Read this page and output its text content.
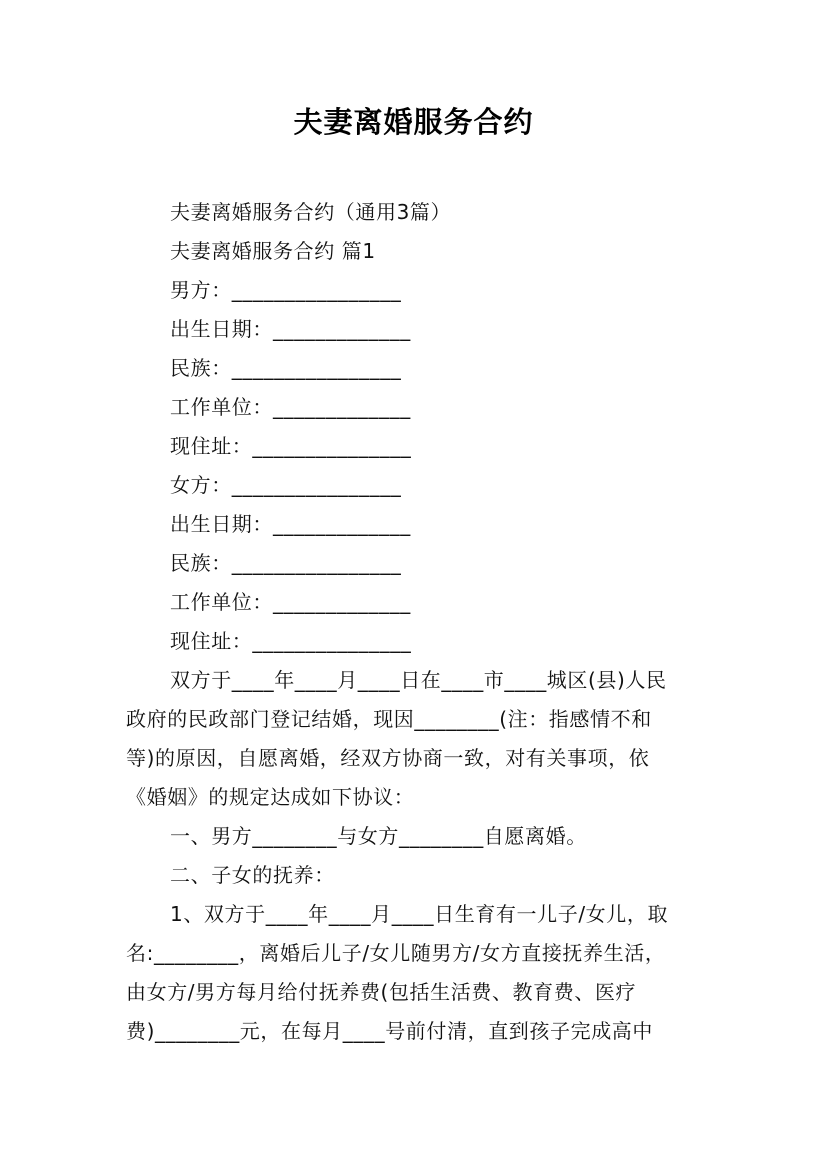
夫妻离婚服务合约
夫妻离婚服务合约（通用3篇）
夫妻离婚服务合约 篇1
男方：________________
出生日期：_____________
民族：________________
工作单位：_____________
现住址：_______________
女方：________________
出生日期：_____________
民族：________________
工作单位：_____________
现住址：_______________
双方于____年____月____日在____市____城区(县)人民
政府的民政部门登记结婚，现因________(注：指感情不和
等)的原因，自愿离婚，经双方协商一致，对有关事项，依
《婚姻》的规定达成如下协议：
一、男方________与女方________自愿离婚。
二、子女的抚养：
1、双方于____年____月____日生育有一儿子/女儿，取
名:________，离婚后儿子/女儿随男方/女方直接抚养生活，
由女方/男方每月给付抚养费(包括生活费、教育费、医疗
费)________元，在每月____号前付清，直到孩子完成高中
